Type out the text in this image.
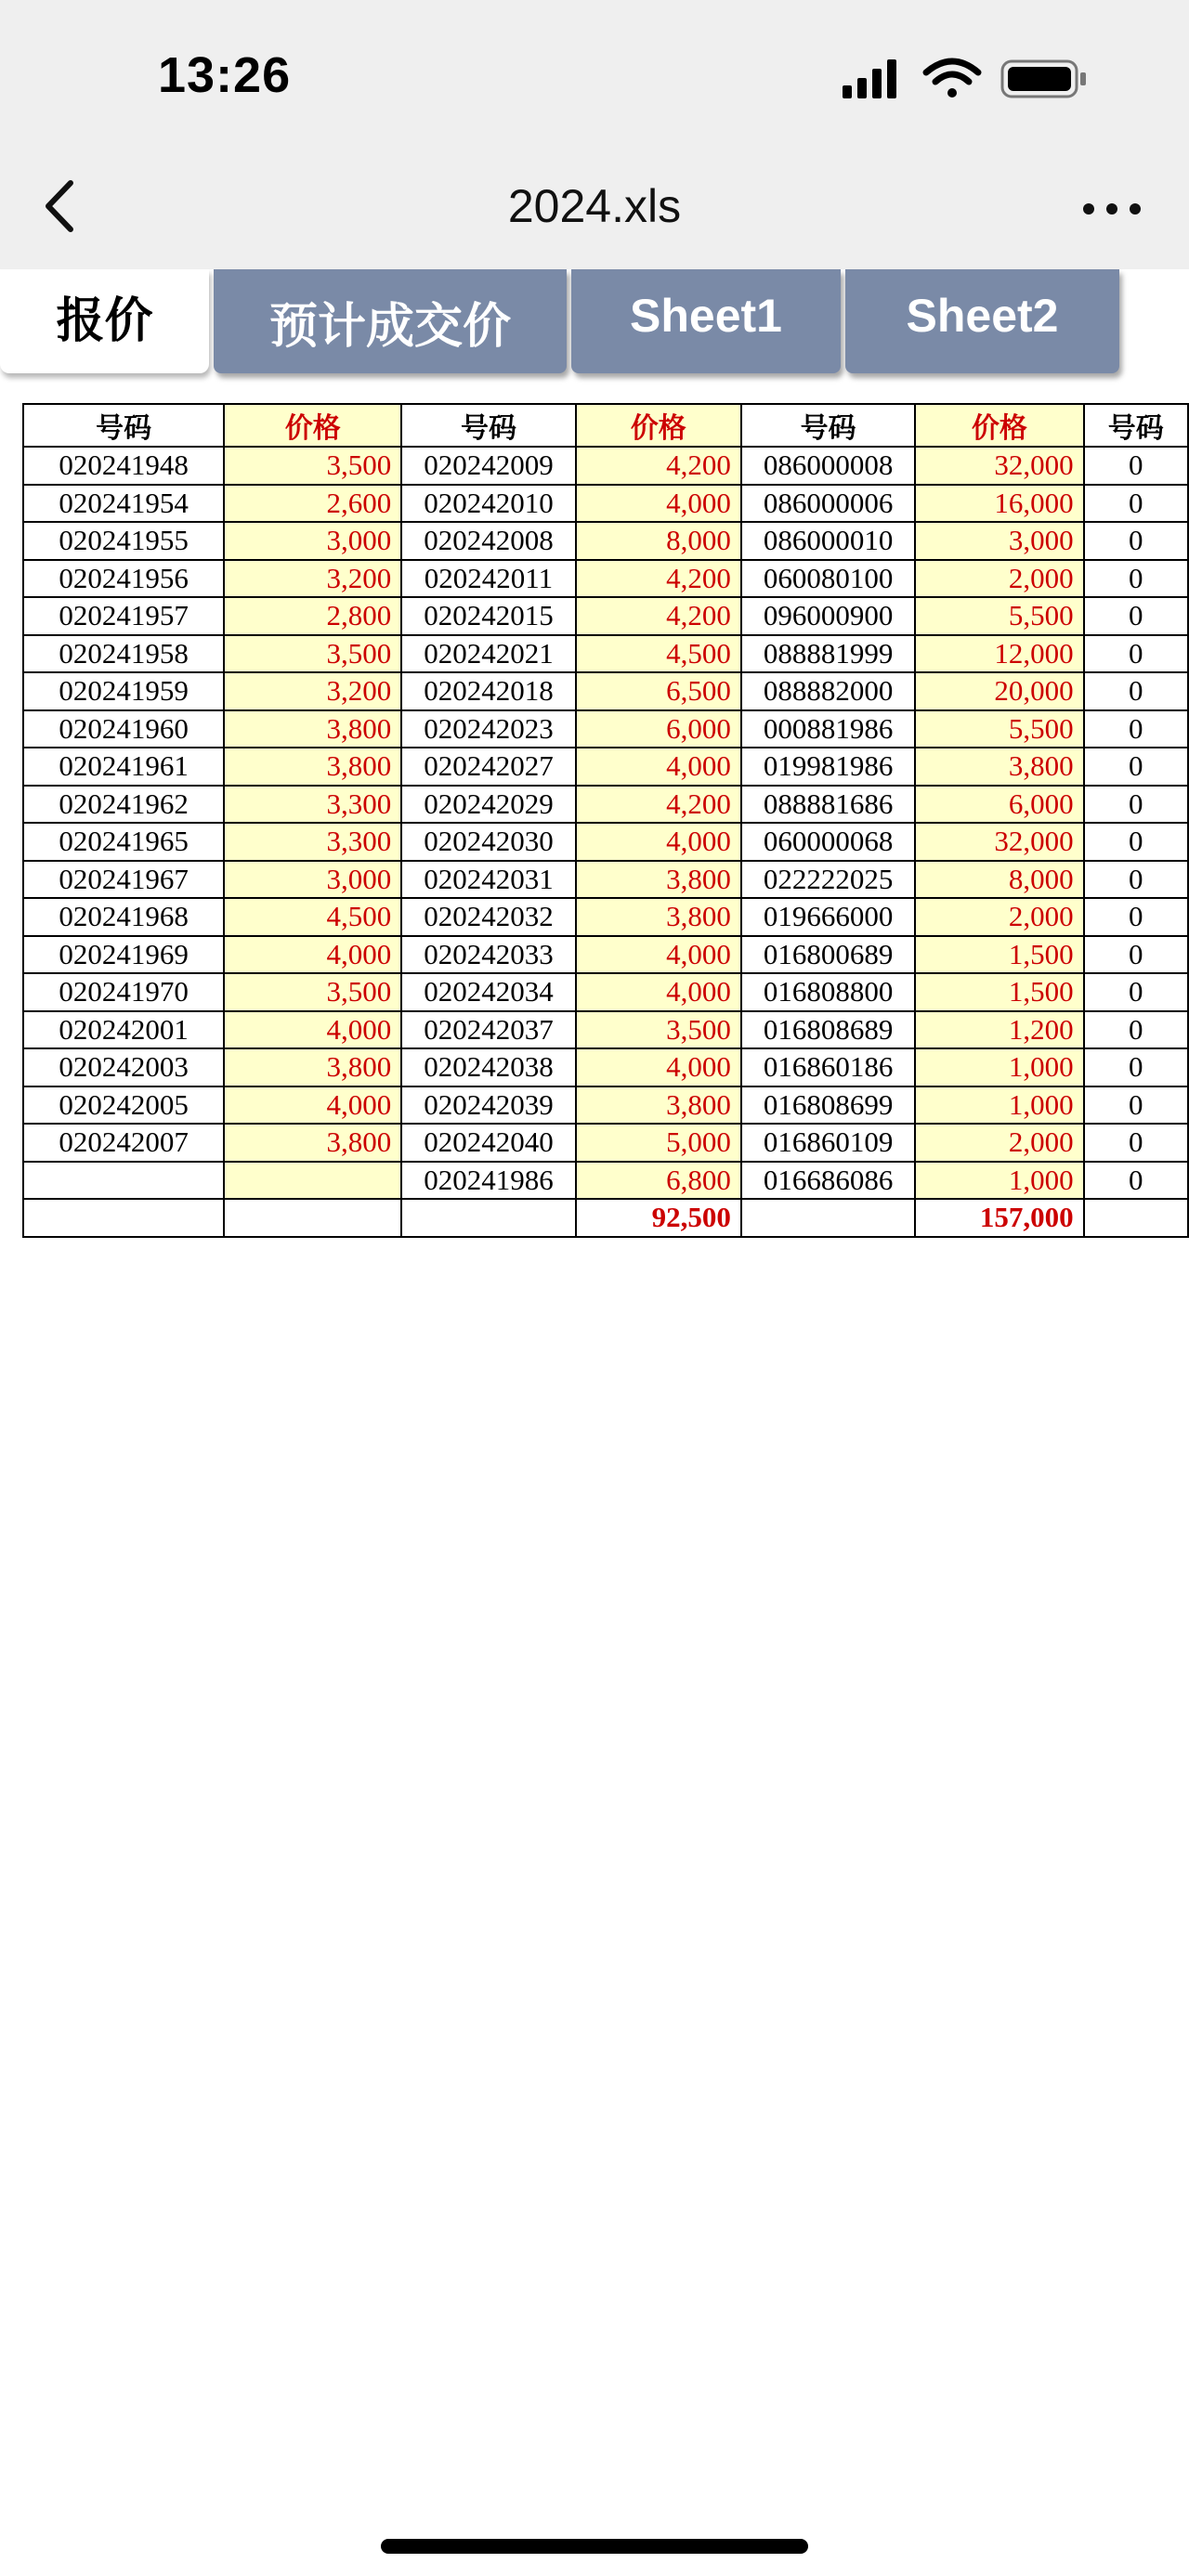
13:26
2024.xls
报价	预计成交价	Sheet1	Sheet2
号码	价格	号码	价格	号码	价格	号码
020241948	3,500	020242009	4,200	086000008	32,000	0
020241954	2,600	020242010	4,000	086000006	16,000	0
020241955	3,000	020242008	8,000	086000010	3,000	0
020241956	3,200	020242011	4,200	060080100	2,000	0
020241957	2,800	020242015	4,200	096000900	5,500	0
020241958	3,500	020242021	4,500	088881999	12,000	0
020241959	3,200	020242018	6,500	088882000	20,000	0
020241960	3,800	020242023	6,000	000881986	5,500	0
020241961	3,800	020242027	4,000	019981986	3,800	0
020241962	3,300	020242029	4,200	088881686	6,000	0
020241965	3,300	020242030	4,000	060000068	32,000	0
020241967	3,000	020242031	3,800	022222025	8,000	0
020241968	4,500	020242032	3,800	019666000	2,000	0
020241969	4,000	020242033	4,000	016800689	1,500	0
020241970	3,500	020242034	4,000	016808800	1,500	0
020242001	4,000	020242037	3,500	016808689	1,200	0
020242003	3,800	020242038	4,000	016860186	1,000	0
020242005	4,000	020242039	3,800	016808699	1,000	0
020242007	3,800	020242040	5,000	016860109	2,000	0
		020241986	6,800	016686086	1,000	0
			92,500		157,000	
